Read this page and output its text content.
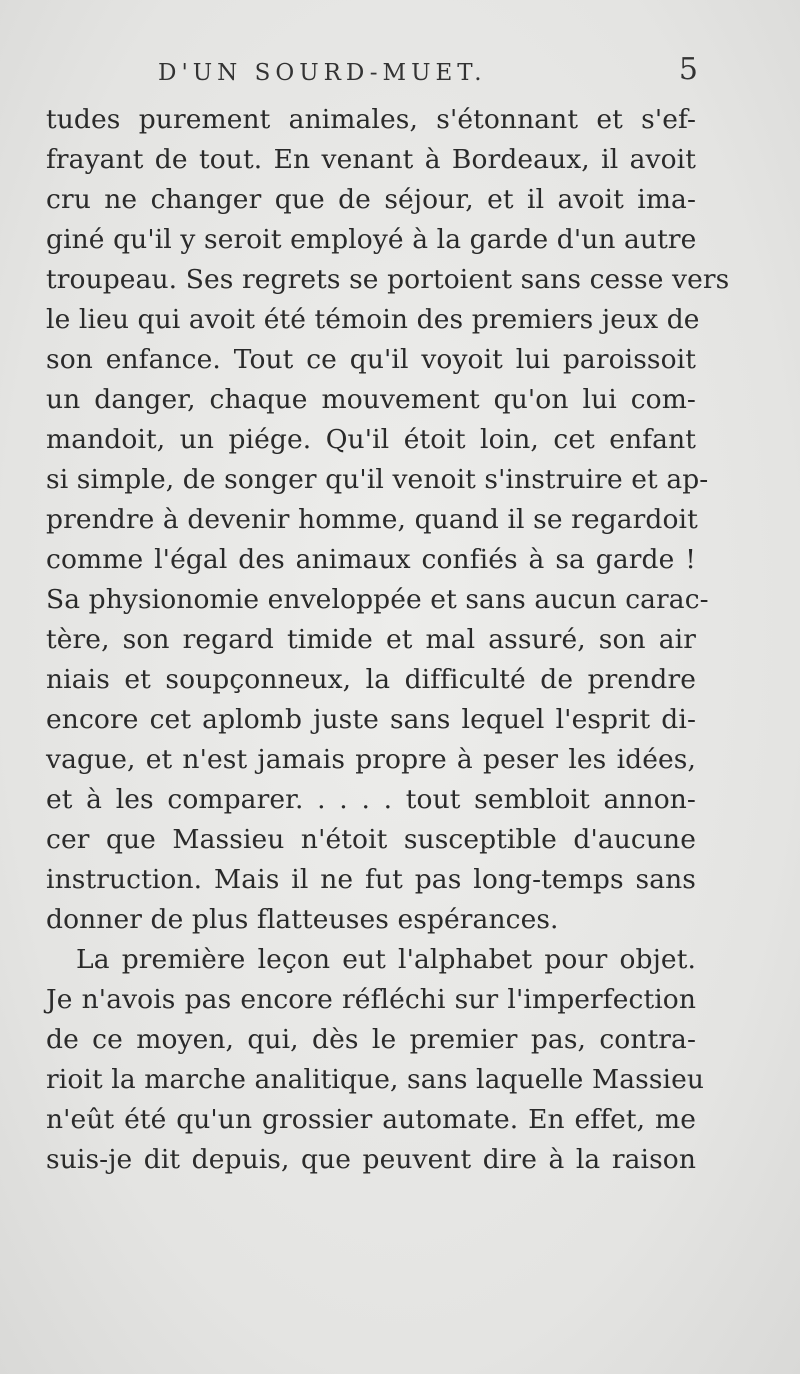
D'UN SOURD-MUET.	5
tudes purement animales, s'étonnant et s'ef-
frayant de tout. En venant à Bordeaux, il avoit
cru ne changer que de séjour, et il avoit ima-
giné qu'il y seroit employé à la garde d'un autre
troupeau. Ses regrets se portoient sans cesse vers
le lieu qui avoit été témoin des premiers jeux de
son enfance. Tout ce qu'il voyoit lui paroissoit
un danger, chaque mouvement qu'on lui com-
mandoit, un piége. Qu'il étoit loin, cet enfant
si simple, de songer qu'il venoit s'instruire et ap-
prendre à devenir homme, quand il se regardoit
comme l'égal des animaux confiés à sa garde !
Sa physionomie enveloppée et sans aucun carac-
tère, son regard timide et mal assuré, son air
niais et soupçonneux, la difficulté de prendre
encore cet aplomb juste sans lequel l'esprit di-
vague, et n'est jamais propre à peser les idées,
et à les comparer. . . . . tout sembloit annon-
cer que Massieu n'étoit susceptible d'aucune
instruction. Mais il ne fut pas long-temps sans
donner de plus flatteuses espérances.
La première leçon eut l'alphabet pour objet.
Je n'avois pas encore réfléchi sur l'imperfection
de ce moyen, qui, dès le premier pas, contra-
rioit la marche analitique, sans laquelle Massieu
n'eût été qu'un grossier automate. En effet, me
suis-je dit depuis, que peuvent dire à la raison
